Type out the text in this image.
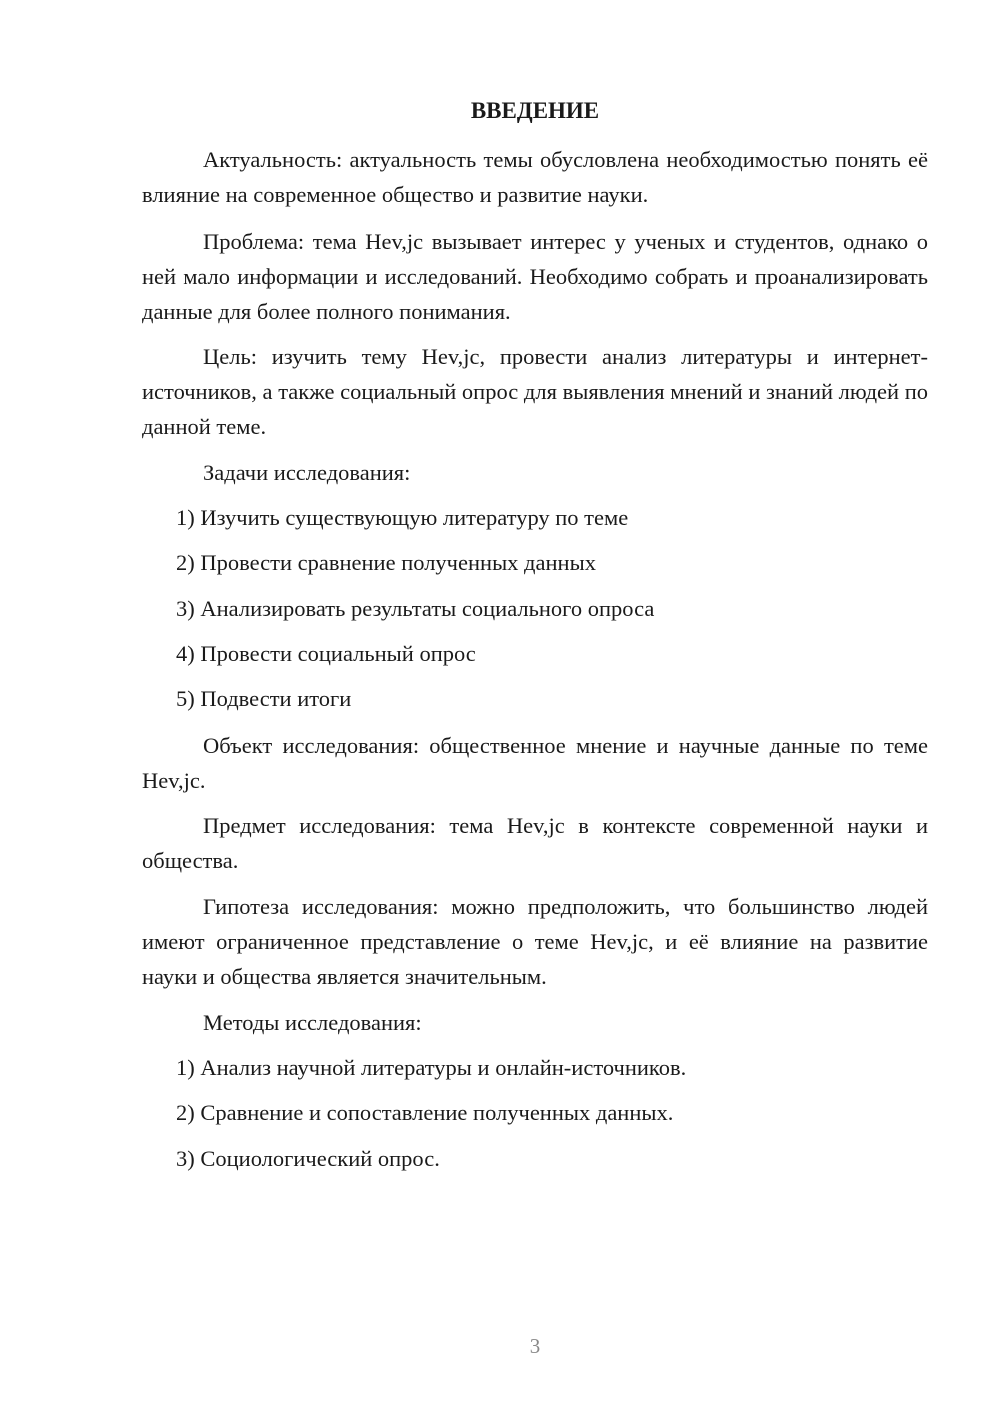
ВВЕДЕНИЕ

Актуальность: актуальность темы обусловлена необходимостью понять её влияние на современное общество и развитие науки.

Проблема: тема Hev,jc вызывает интерес у ученых и студентов, однако о ней мало информации и исследований. Необходимо собрать и проанализировать данные для более полного понимания.

Цель: изучить тему Hev,jc, провести анализ литературы и интернет-источников, а также социальный опрос для выявления мнений и знаний людей по данной теме.

Задачи исследования:

1) Изучить существующую литературу по теме

2) Провести сравнение полученных данных

3) Анализировать результаты социального опроса

4) Провести социальный опрос

5) Подвести итоги

Объект исследования: общественное мнение и научные данные по теме Hev,jc.

Предмет исследования: тема Hev,jc в контексте современной науки и общества.

Гипотеза исследования: можно предположить, что большинство людей имеют ограниченное представление о теме Hev,jc, и её влияние на развитие науки и общества является значительным.

Методы исследования:

1) Анализ научной литературы и онлайн-источников.

2) Сравнение и сопоставление полученных данных.

3) Социологический опрос.

3
